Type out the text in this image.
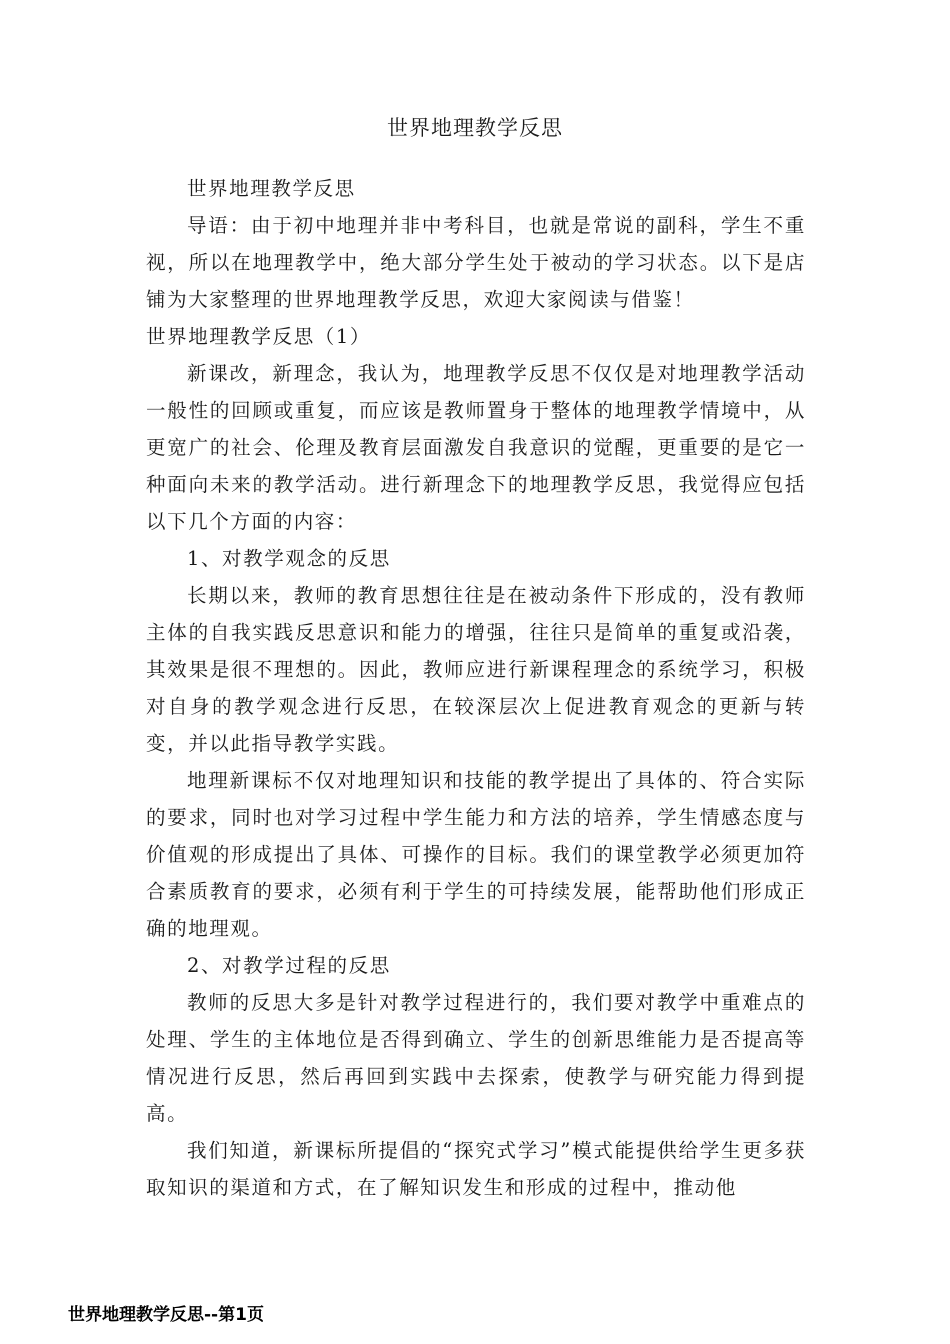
世界地理教学反思

世界地理教学反思

导语：由于初中地理并非中考科目，也就是常说的副科，学生不重视，所以在地理教学中，绝大部分学生处于被动的学习状态。以下是店铺为大家整理的世界地理教学反思，欢迎大家阅读与借鉴！

世界地理教学反思（1）

新课改，新理念，我认为，地理教学反思不仅仅是对地理教学活动一般性的回顾或重复，而应该是教师置身于整体的地理教学情境中，从更宽广的社会、伦理及教育层面激发自我意识的觉醒，更重要的是它一种面向未来的教学活动。进行新理念下的地理教学反思，我觉得应包括以下几个方面的内容：

1、对教学观念的反思

长期以来，教师的教育思想往往是在被动条件下形成的，没有教师主体的自我实践反思意识和能力的增强，往往只是简单的重复或沿袭，其效果是很不理想的。因此，教师应进行新课程理念的系统学习，积极对自身的教学观念进行反思，在较深层次上促进教育观念的更新与转变，并以此指导教学实践。

地理新课标不仅对地理知识和技能的教学提出了具体的、符合实际的要求，同时也对学习过程中学生能力和方法的培养，学生情感态度与价值观的形成提出了具体、可操作的目标。我们的课堂教学必须更加符合素质教育的要求，必须有利于学生的可持续发展，能帮助他们形成正确的地理观。

2、对教学过程的反思

教师的反思大多是针对教学过程进行的，我们要对教学中重难点的处理、学生的主体地位是否得到确立、学生的创新思维能力是否提高等情况进行反思，然后再回到实践中去探索，使教学与研究能力得到提高。

我们知道，新课标所提倡的“探究式学习”模式能提供给学生更多获取知识的渠道和方式，在了解知识发生和形成的过程中，推动他

世界地理教学反思--第1页
